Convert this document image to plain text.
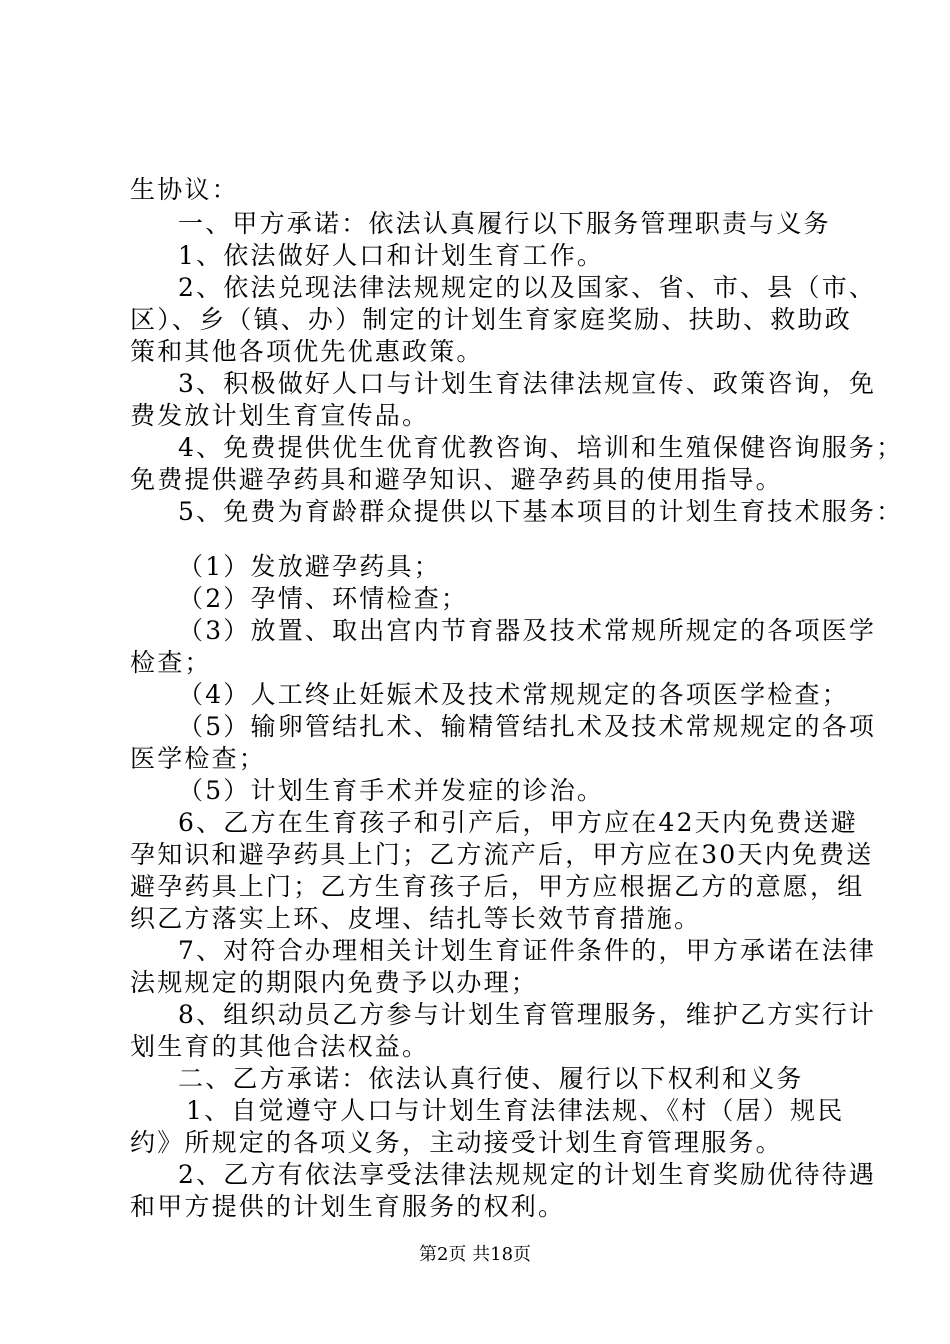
生协议：
一、甲方承诺：依法认真履行以下服务管理职责与义务
1、依法做好人口和计划生育工作。
2、依法兑现法律法规规定的以及国家、省、市、县（市、
区）、乡（镇、办）制定的计划生育家庭奖励、扶助、救助政
策和其他各项优先优惠政策。
3、积极做好人口与计划生育法律法规宣传、政策咨询，免
费发放计划生育宣传品。
4、免费提供优生优育优教咨询、培训和生殖保健咨询服务；
免费提供避孕药具和避孕知识、避孕药具的使用指导。
5、免费为育龄群众提供以下基本项目的计划生育技术服务：
（1）发放避孕药具；
（2）孕情、环情检查；
（3）放置、取出宫内节育器及技术常规所规定的各项医学
检查；
（4）人工终止妊娠术及技术常规规定的各项医学检查；
（5）输卵管结扎术、输精管结扎术及技术常规规定的各项
医学检查；
（5）计划生育手术并发症的诊治。
6、乙方在生育孩子和引产后，甲方应在42天内免费送避
孕知识和避孕药具上门；乙方流产后，甲方应在30天内免费送
避孕药具上门；乙方生育孩子后，甲方应根据乙方的意愿，组
织乙方落实上环、皮埋、结扎等长效节育措施。
7、对符合办理相关计划生育证件条件的，甲方承诺在法律
法规规定的期限内免费予以办理；
8、组织动员乙方参与计划生育管理服务，维护乙方实行计
划生育的其他合法权益。
二、乙方承诺：依法认真行使、履行以下权利和义务
1、自觉遵守人口与计划生育法律法规、《村（居）规民
约》所规定的各项义务，主动接受计划生育管理服务。
2、乙方有依法享受法律法规规定的计划生育奖励优待待遇
和甲方提供的计划生育服务的权利。
第2页 共18页
